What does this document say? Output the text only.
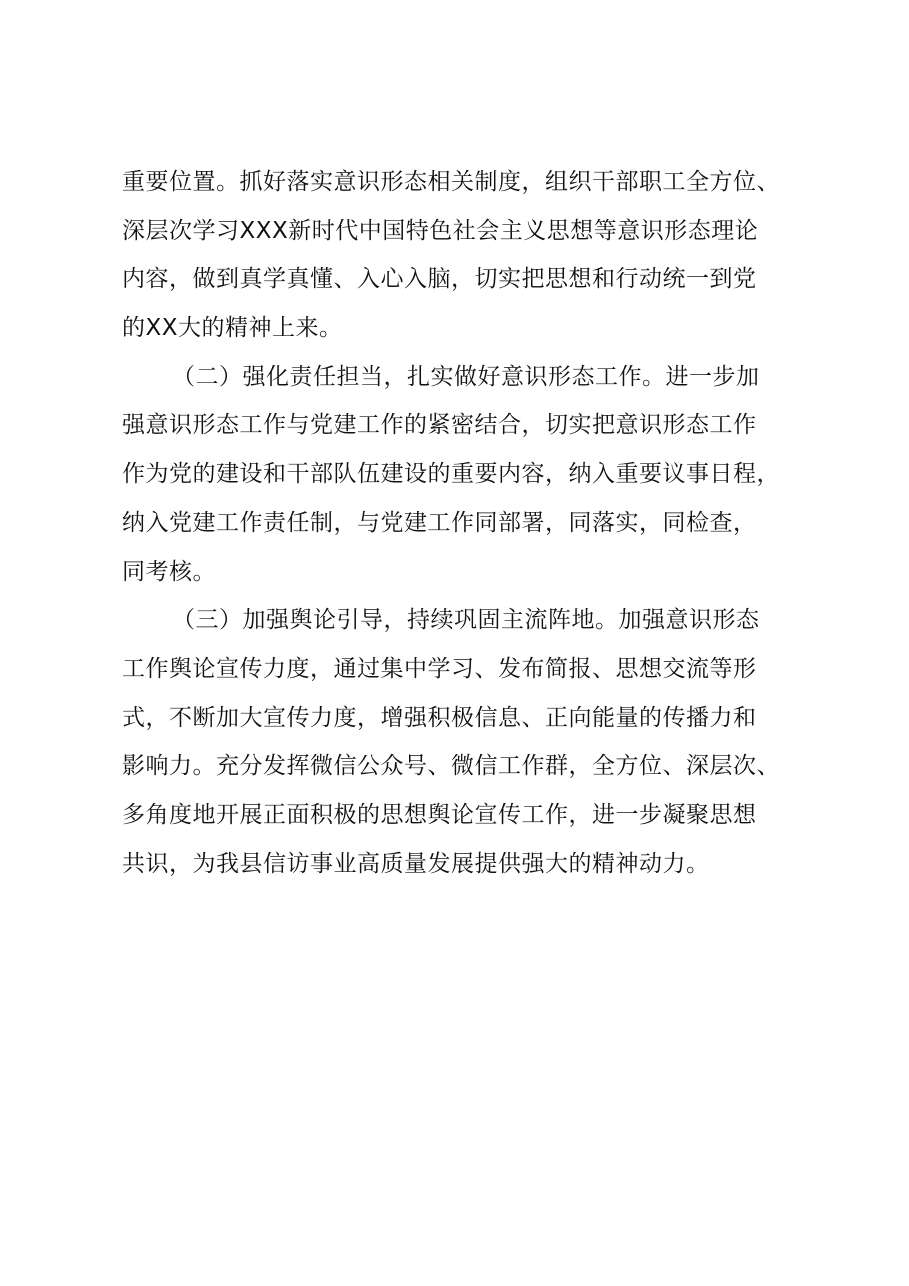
重要位置。抓好落实意识形态相关制度，组织干部职工全方位、
深层次学习XXX新时代中国特色社会主义思想等意识形态理论
内容，做到真学真懂、入心入脑，切实把思想和行动统一到党
的XX大的精神上来。
（二）强化责任担当，扎实做好意识形态工作。进一步加
强意识形态工作与党建工作的紧密结合，切实把意识形态工作
作为党的建设和干部队伍建设的重要内容，纳入重要议事日程，
纳入党建工作责任制，与党建工作同部署，同落实，同检查，
同考核。
（三）加强舆论引导，持续巩固主流阵地。加强意识形态
工作舆论宣传力度，通过集中学习、发布简报、思想交流等形
式，不断加大宣传力度，增强积极信息、正向能量的传播力和
影响力。充分发挥微信公众号、微信工作群，全方位、深层次、
多角度地开展正面积极的思想舆论宣传工作，进一步凝聚思想
共识，为我县信访事业高质量发展提供强大的精神动力。
